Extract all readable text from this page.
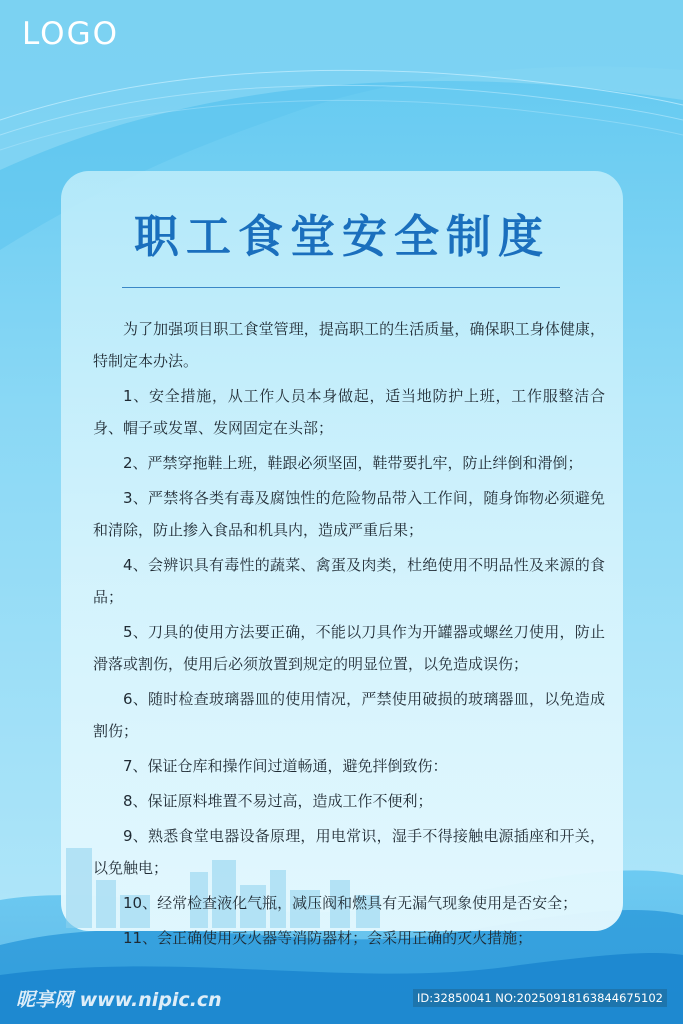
LOGO
职工食堂安全制度

为了加强项目职工食堂管理，提高职工的生活质量，确保职工身体健康，特制定本办法。

1、安全措施，从工作人员本身做起，适当地防护上班，工作服整洁合身、帽子或发罩、发网固定在头部；

2、严禁穿拖鞋上班，鞋跟必须坚固，鞋带要扎牢，防止绊倒和滑倒；

3、严禁将各类有毒及腐蚀性的危险物品带入工作间，随身饰物必须避免和清除，防止掺入食品和机具内，造成严重后果；

4、会辨识具有毒性的蔬菜、禽蛋及肉类，杜绝使用不明品性及来源的食品；

5、刀具的使用方法要正确，不能以刀具作为开罐器或螺丝刀使用，防止滑落或割伤，使用后必须放置到规定的明显位置，以免造成误伤；

6、随时检查玻璃器皿的使用情况，严禁使用破损的玻璃器皿，以免造成割伤；

7、保证仓库和操作间过道畅通，避免拌倒致伤：

8、保证原料堆置不易过高，造成工作不便利；

9、熟悉食堂电器设备原理，用电常识，湿手不得接触电源插座和开关，以免触电；

10、经常检查液化气瓶，减压阀和燃具有无漏气现象使用是否安全；

11、会正确使用灭火器等消防器材；会采用正确的灭火措施；

昵享网 www.nipic.cn	ID:32850041 NO:20250918163844675102
